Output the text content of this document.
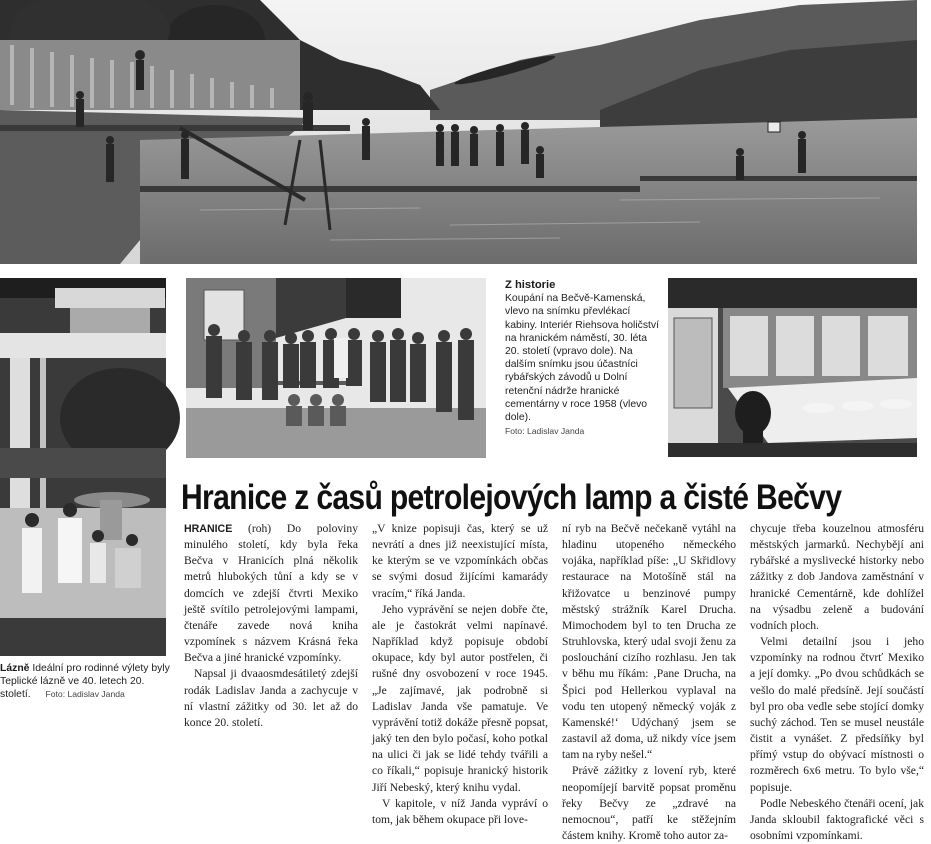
Z historie
Koupání na Bečvě-Kamenská, vlevo na snímku převlékací kabiny. Interiér Riehsova holičství na hranickém náměstí, 30. léta 20. století (vpravo dole). Na dalším snímku jsou účastníci rybářských závodů u Dolní retenční nádrže hranické cementárny v roce 1958 (vlevo dole).
Foto: Ladislav Janda
Lázně Ideální pro rodinné výlety byly Teplické lázně ve 40. letech 20. století. Foto: Ladislav Janda
Hranice z časů petrolejových lamp a čisté Bečvy

HRANICE (roh) Do poloviny minulého století, kdy byla řeka Bečva v Hranicích plná několik metrů hlubokých tůní a kdy se v domcích ve zdejší čtvrti Mexiko ještě svítilo petrolejovými lampami, čtenáře zavede nová kniha vzpomínek s názvem Krásná řeka Bečva a jiné hranické vzpomínky.

Napsal ji dvaaosmdesátiletý zdejší rodák Ladislav Janda a zachycuje v ní vlastní zážitky od 30. let až do konce 20. století.

„V knize popisuji čas, který se už nevrátí a dnes již neexistující místa, ke kterým se ve vzpomínkách občas se svými dosud žijícími kamarády vracím,“ říká Janda.

Jeho vyprávění se nejen dobře čte, ale je častokrát velmi napínavé. Například když popisuje období okupace, kdy byl autor postřelen, či rušné dny osvobození v roce 1945. „Je zajímavé, jak podrobně si Ladislav Janda vše pamatuje. Ve vyprávění totiž dokáže přesně popsat, jaký ten den bylo počasí, koho potkal na ulici či jak se lidé tehdy tvářili a co říkali,“ popisuje hranický historik Jiří Nebeský, který knihu vydal.

V kapitole, v níž Janda vypráví o tom, jak během okupace při love-

ní ryb na Bečvě nečekaně vytáhl na hladinu utopeného německého vojáka, například píše: „U Skřidlovy restaurace na Motošíně stál na křižovatce u benzinové pumpy městský strážník Karel Drucha. Mimochodem byl to ten Drucha ze Struhlovska, který udal svoji ženu za poslouchání cizího rozhlasu. Jen tak v běhu mu říkám: ‚Pane Drucha, na Špici pod Hellerkou vyplaval na vodu ten utopený německý voják z Kamenské!‘ Udýchaný jsem se zastavil až doma, už nikdy více jsem tam na ryby nešel.“

Právě zážitky z lovení ryb, které neopomíjejí barvitě popsat proměnu řeky Bečvy ze „zdravé na nemocnou“, patří ke stěžejním částem knihy. Kromě toho autor za-

chycuje třeba kouzelnou atmosféru městských jarmarků. Nechybějí ani rybářské a myslivecké historky nebo zážitky z dob Jandova zaměstnání v hranické Cementárně, kde dohlížel na výsadbu zeleně a budování vodních ploch.

Velmi detailní jsou i jeho vzpomínky na rodnou čtvrť Mexiko a její domky. „Po dvou schůdkách se vešlo do malé předsíně. Její součástí byl pro oba vedle sebe stojící domky suchý záchod. Ten se musel neustále čistit a vynášet. Z předsíňky byl přímý vstup do obývací místnosti o rozměrech 6x6 metru. To bylo vše,“ popisuje.

Podle Nebeského čtenáři ocení, jak Janda skloubil faktografické věci s osobními vzpomínkami.
